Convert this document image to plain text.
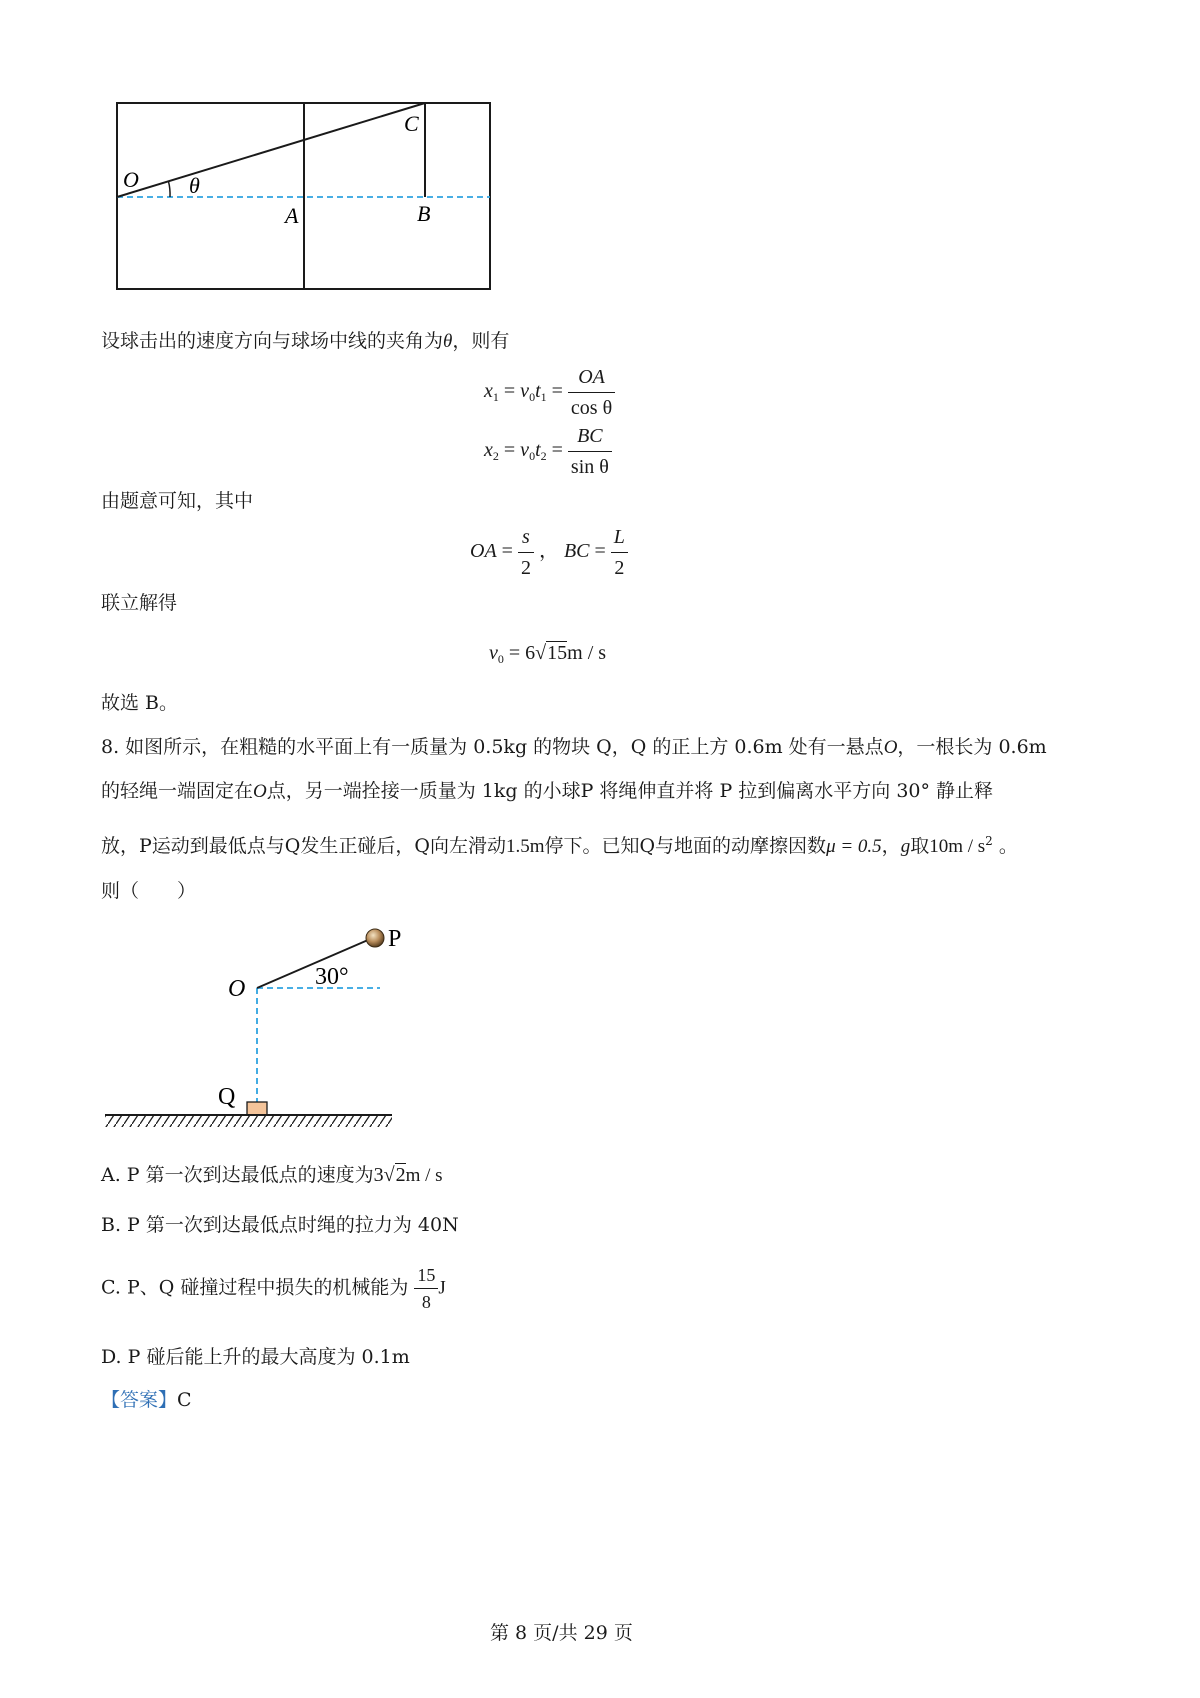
O θ
A	B
C
设球击出的速度方向与球场中线的夹角为θ，则有
$x_1 = v_0t_1 = \frac{OA}{\text{cos θ}}$
$x_2 = v_0t_2 = \frac{BC}{\text{sin θ}}$
由题意可知，其中
OA = $\frac{s}{2}$ ， BC = $\frac{L}{2}$
联立解得
$v_0 = 6√15m / s$
故选 B。
8. 如图所示，在粗糙的水平面上有一质量为 0.5kg 的物块 Q，Q 的正上方 0.6m 处有一悬点O，一根长为 0.6m
的轻绳一端固定在O点，另一端拴接一质量为 1kg 的小球P 将绳伸直并将 P 拉到偏离水平方向 30° 静止释
放，P运动到最低点与Q发生正碰后，Q向左滑动1.5m停下。已知Q与地面的动摩擦因数μ = 0.5，g取$10m / s^2$ 。
则（　　）
P
O	30°
Q
A. P 第一次到达最低点的速度为3√2m / s
B. P 第一次到达最低点时绳的拉力为 40N
C. P、Q 碰撞过程中损失的机械能为 $\frac{15}{8}$ J
D. P 碰后能上升的最大高度为 0.1m
【答案】C
第 8 页/共 29 页
